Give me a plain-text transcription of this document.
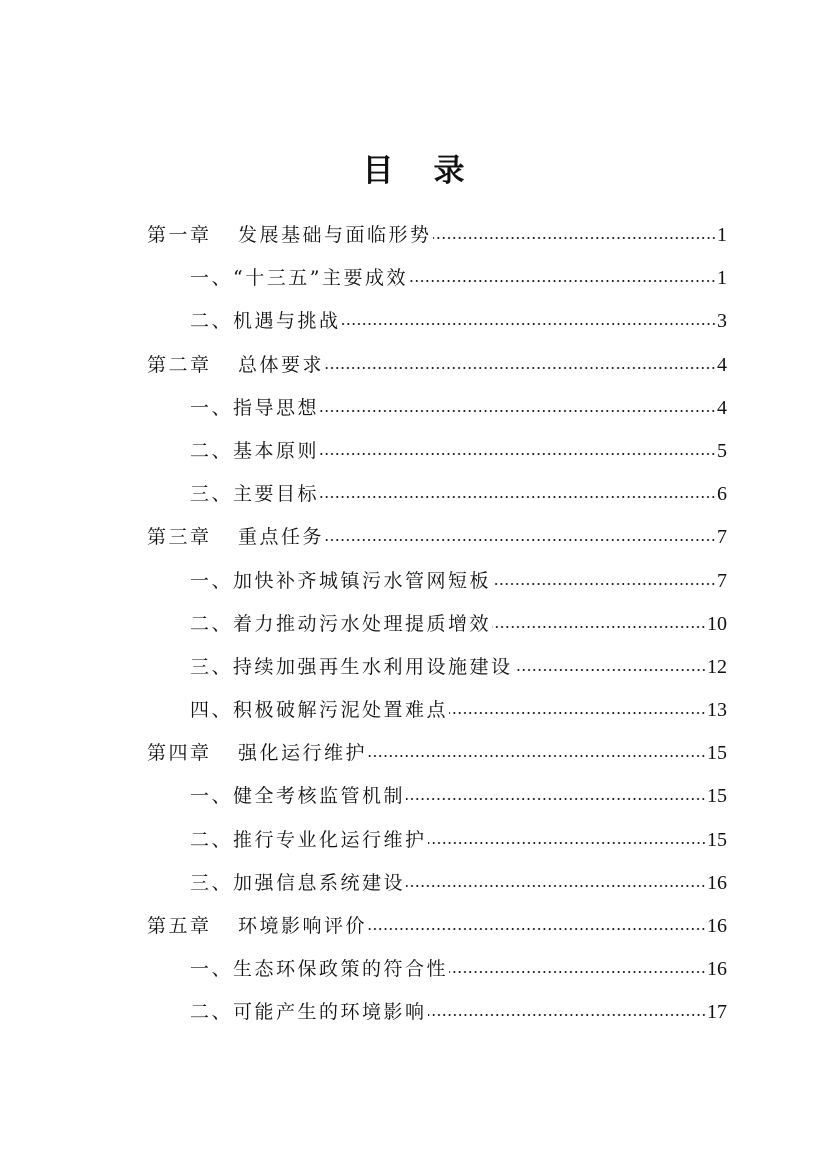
目 录
第一章 发展基础与面临形势	1
一、“十三五”主要成效	1
二、机遇与挑战	3
第二章 总体要求	4
一、指导思想	4
二、基本原则	5
三、主要目标	6
第三章 重点任务	7
一、加快补齐城镇污水管网短板	7
二、着力推动污水处理提质增效	10
三、持续加强再生水利用设施建设	12
四、积极破解污泥处置难点	13
第四章 强化运行维护	15
一、健全考核监管机制	15
二、推行专业化运行维护	15
三、加强信息系统建设	16
第五章 环境影响评价	16
一、生态环保政策的符合性	16
二、可能产生的环境影响	17
